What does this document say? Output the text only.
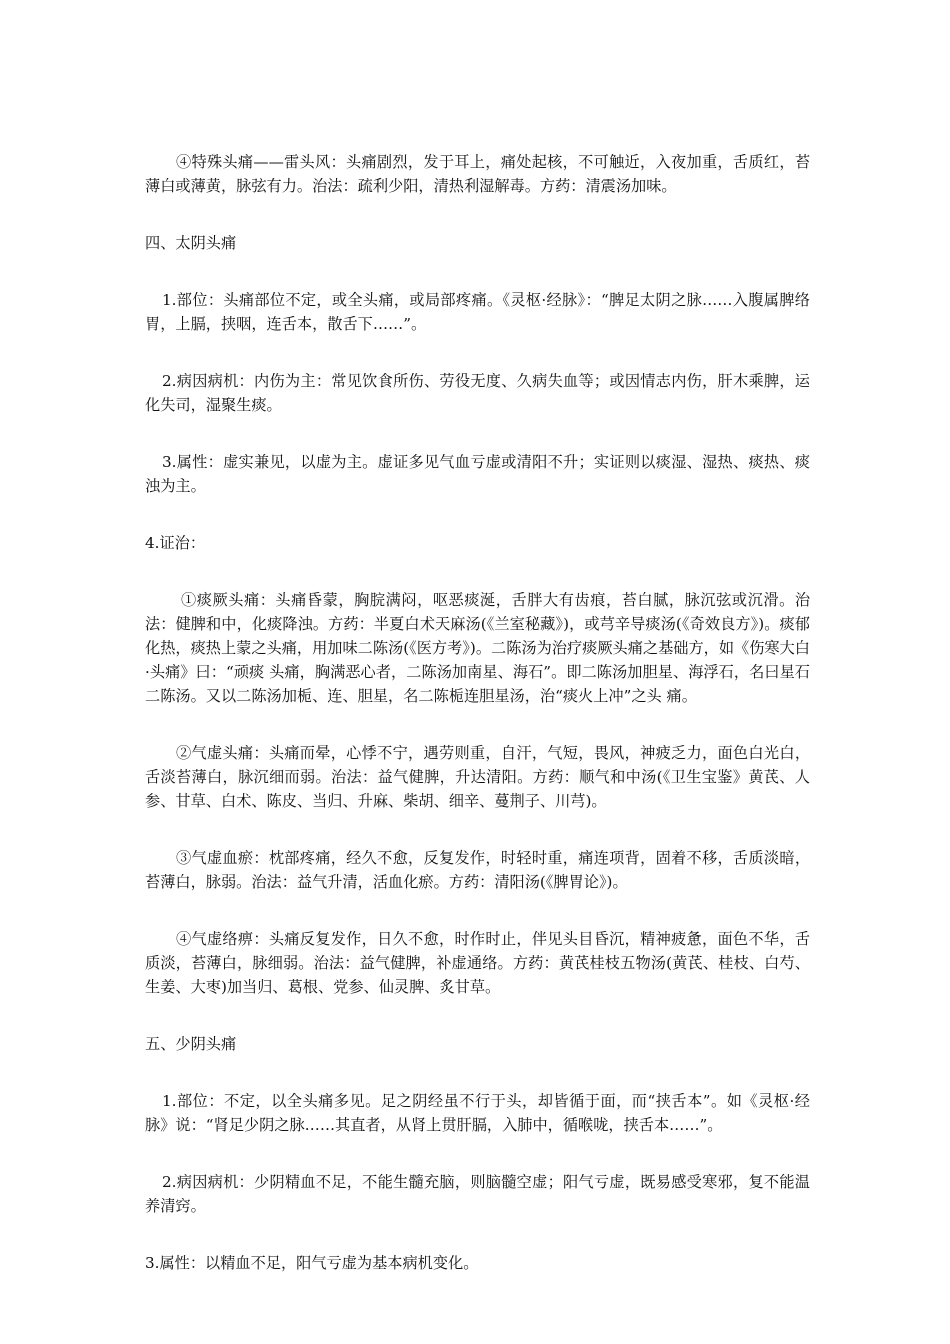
④特殊头痛——雷头风：头痛剧烈，发于耳上，痛处起核，不可触近，入夜加重，舌质红，苔薄白或薄黄，脉弦有力。治法：疏利少阳，清热利湿解毒。方药：清震汤加味。

四、太阴头痛

1.部位：头痛部位不定，或全头痛，或局部疼痛。《灵枢·经脉》：“脾足太阴之脉……入腹属脾络胃，上膈，挟咽，连舌本，散舌下……”。

2.病因病机：内伤为主：常见饮食所伤、劳役无度、久病失血等；或因情志内伤，肝木乘脾，运化失司，湿聚生痰。

3.属性：虚实兼见，以虚为主。虚证多见气血亏虚或清阳不升；实证则以痰湿、湿热、痰热、痰浊为主。

4.证治：

①痰厥头痛：头痛昏蒙，胸脘满闷，呕恶痰涎，舌胖大有齿痕，苔白腻，脉沉弦或沉滑。治法：健脾和中，化痰降浊。方药：半夏白术天麻汤(《兰室秘藏》)，或芎辛导痰汤(《奇效良方》)。痰郁化热，痰热上蒙之头痛，用加味二陈汤(《医方考》)。二陈汤为治疗痰厥头痛之基础方，如《伤寒大白·头痛》曰：“顽痰 头痛，胸满恶心者，二陈汤加南星、海石”。即二陈汤加胆星、海浮石，名曰星石二陈汤。又以二陈汤加栀、连、胆星，名二陈栀连胆星汤，治“痰火上冲”之头 痛。

②气虚头痛：头痛而晕，心悸不宁，遇劳则重，自汗，气短，畏风，神疲乏力，面色白光白，舌淡苔薄白，脉沉细而弱。治法：益气健脾，升达清阳。方药：顺气和中汤(《卫生宝鉴》黄芪、人参、甘草、白术、陈皮、当归、升麻、柴胡、细辛、蔓荆子、川芎)。

③气虚血瘀：枕部疼痛，经久不愈，反复发作，时轻时重，痛连项背，固着不移，舌质淡暗，苔薄白，脉弱。治法：益气升清，活血化瘀。方药：清阳汤(《脾胃论》)。

④气虚络痹：头痛反复发作，日久不愈，时作时止，伴见头目昏沉，精神疲惫，面色不华，舌质淡，苔薄白，脉细弱。治法：益气健脾，补虚通络。方药：黄芪桂枝五物汤(黄芪、桂枝、白芍、生姜、大枣)加当归、葛根、党参、仙灵脾、炙甘草。

五、少阴头痛

1.部位：不定，以全头痛多见。足之阴经虽不行于头，却皆循于面，而“挟舌本”。如《灵枢·经脉》说：“肾足少阴之脉……其直者，从肾上贯肝膈，入肺中，循喉咙，挟舌本……”。

2.病因病机：少阴精血不足，不能生髓充脑，则脑髓空虚；阳气亏虚，既易感受寒邪，复不能温养清窍。

3.属性：以精血不足，阳气亏虚为基本病机变化。
